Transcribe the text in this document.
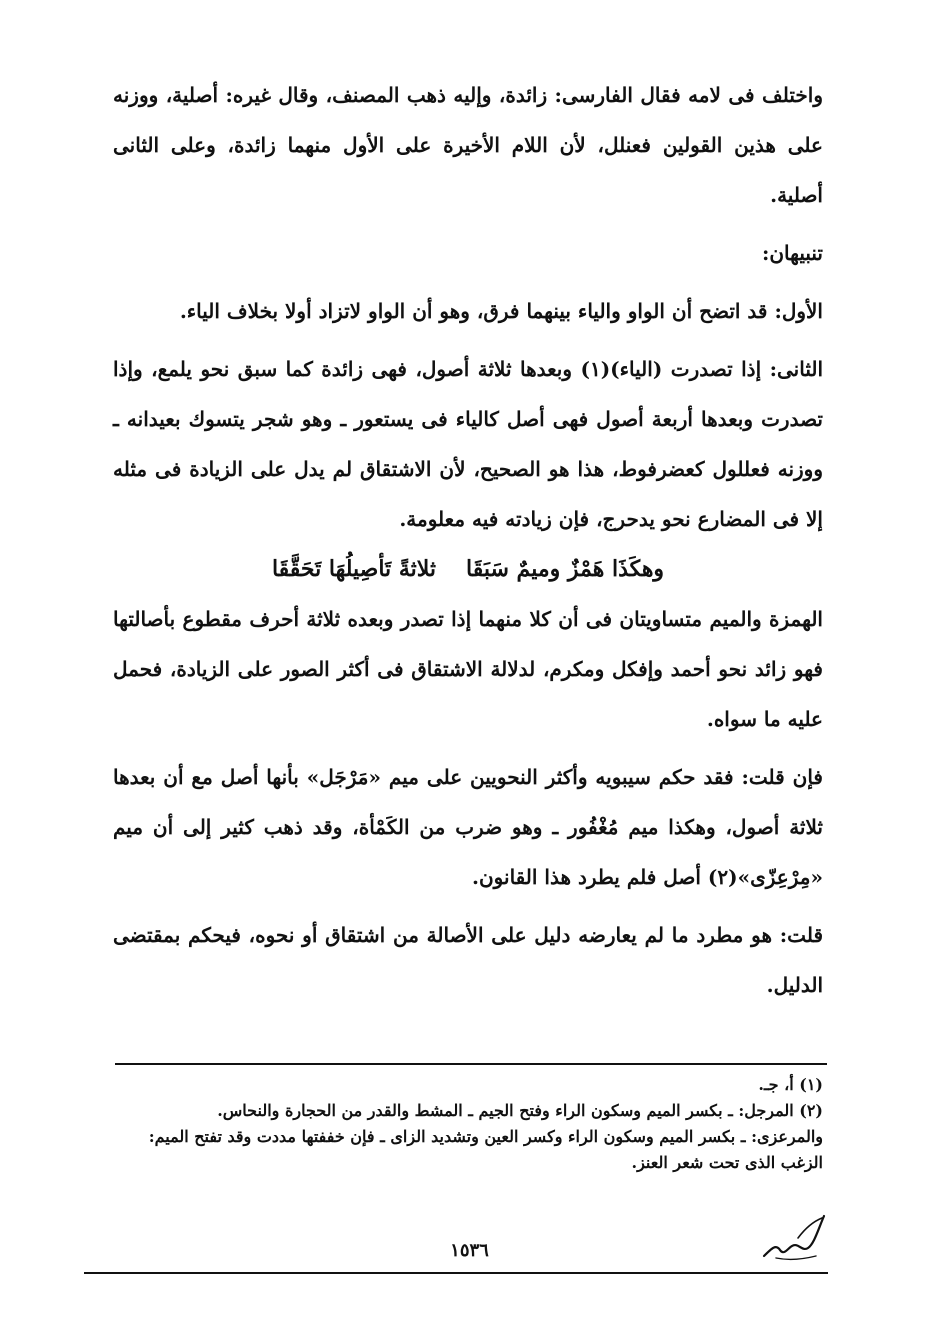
واختلف فى لامه فقال الفارسى: زائدة، وإليه ذهب المصنف، وقال غيره: أصلية، ووزنه على هذين القولين فعنلل، لأن اللام الأخيرة على الأول منهما زائدة، وعلى الثانى أصلية.

تنبيهان:

الأول: قد اتضح أن الواو والياء بينهما فرق، وهو أن الواو لاتزاد أولا بخلاف الياء.

الثانى: إذا تصدرت (الياء)(١) وبعدها ثلاثة أصول، فهى زائدة كما سبق نحو يلمع، وإذا تصدرت وبعدها أربعة أصول فهى أصل كالياء فى يستعور ـ وهو شجر يتسوك بعيدانه ـ ووزنه فعللول كعضرفوط، هذا هو الصحيح، لأن الاشتقاق لم يدل على الزيادة فى مثله إلا فى المضارع نحو يدحرج، فإن زيادته فيه معلومة.

وهكَذَا هَمْزٌ وميمٌ سَبَقَاثلاثةً تَأصِيلُهَا تَحَقَّقَا

الهمزة والميم متساويتان فى أن كلا منهما إذا تصدر وبعده ثلاثة أحرف مقطوع بأصالتها فهو زائد نحو أحمد وإفكل ومكرم، لدلالة الاشتقاق فى أكثر الصور على الزيادة، فحمل عليه ما سواه.

فإن قلت: فقد حكم سيبويه وأكثر النحويين على ميم «مَرْجَل» بأنها أصل مع أن بعدها ثلاثة أصول، وهكذا ميم مُغْفُور ـ وهو ضرب من الكَمْأة، وقد ذهب كثير إلى أن ميم «مِرْعِزّى»(٢) أصل فلم يطرد هذا القانون.

قلت: هو مطرد ما لم يعارضه دليل على الأصالة من اشتقاق أو نحوه، فيحكم بمقتضى الدليل.

(١) أ، جـ.

(٢) المرجل: ـ بكسر الميم وسكون الراء وفتح الجيم ـ المشط والقدر من الحجارة والنحاس.

والمرعزى: ـ بكسر الميم وسكون الراء وكسر العين وتشديد الزاى ـ فإن خففتها مددت وقد تفتح الميم: الزغب الذى تحت شعر العنز.

١٥٣٦
